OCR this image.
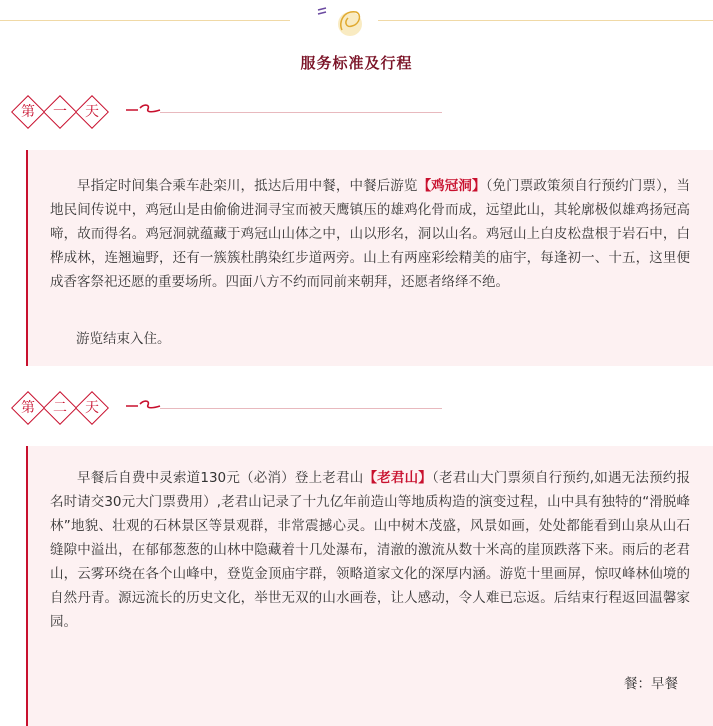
服务标准及行程
第	一	天

早指定时间集合乘车赴栾川，抵达后用中餐，中餐后游览【鸡冠洞】（免门票政策须自行预约门票），当地民间传说中，鸡冠山是由偷偷进洞寻宝而被天鹰镇压的雄鸡化骨而成，远望此山，其轮廓极似雄鸡扬冠高啼，故而得名。鸡冠洞就蕴藏于鸡冠山山体之中，山以形名，洞以山名。鸡冠山上白皮松盘根于岩石中，白桦成林，连翘遍野，还有一簇簇杜鹃染红步道两旁。山上有两座彩绘精美的庙宇，每逢初一、十五，这里便成香客祭祀还愿的重要场所。四面八方不约而同前来朝拜，还愿者络绎不绝。

游览结束入住。
第	二	天

早餐后自费中灵索道130元（必消）登上老君山【老君山】（老君山大门票须自行预约,如遇无法预约报名时请交30元大门票费用）,老君山记录了十九亿年前造山等地质构造的演变过程，山中具有独特的“滑脱峰林”地貌、壮观的石林景区等景观群，非常震撼心灵。山中树木茂盛，风景如画，处处都能看到山泉从山石缝隙中溢出，在郁郁葱葱的山林中隐藏着十几处瀑布，清澈的激流从数十米高的崖顶跌落下来。雨后的老君山，云雾环绕在各个山峰中，登览金顶庙宇群，领略道家文化的深厚内涵。游览十里画屏，惊叹峰林仙境的自然丹青。源远流长的历史文化，举世无双的山水画卷，让人感动，令人难已忘返。后结束行程返回温馨家园。

餐：早餐
